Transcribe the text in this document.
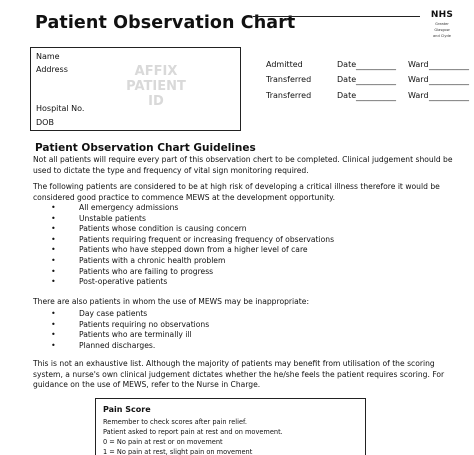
Patient Observation Chart	NHS
Greater
Glasgow
and Clyde
Name
Address	AFFIX
PATIENT
ID
Hospital No.
DOB
Admitted	Date __________ Ward __________
Transferred	Date __________ Ward __________
Transferred	Date __________ Ward __________
Patient Observation Chart Guidelines
Not all patients will require every part of this observation chert to be completed. Clinical judgement should be used to dictate the type and frequency of vital sign monitoring required.
The following patients are considered to be at high risk of developing a critical illness therefore it would be considered good practice to commence MEWS at the development opportunity.
• All emergency admissions
• Unstable patients
• Patients whose condition is causing concern
• Patients requiring frequent or increasing frequency of observations
• Patients who have stepped down from a higher level of care
• Patients with a chronic health problem
• Patients who are failing to progress
• Post-operative patients
There are also patients in whom the use of MEWS may be inappropriate:
• Day case patients
• Patients requiring no observations
• Patients who are terminally ill
• Planned discharges.
This is not an exhaustive list. Although the majority of patients may benefit from utilisation of the scoring system, a nurse's own clinical judgement dictates whether the he/she feels the patient requires scoring. For guidance on the use of MEWS, refer to the Nurse in Charge.
Pain Score
Remember to check scores after pain relief.
Patient asked to report pain at rest and on movement.
0 = No pain at rest or on movement
1 = No pain at rest, slight pain on movement
